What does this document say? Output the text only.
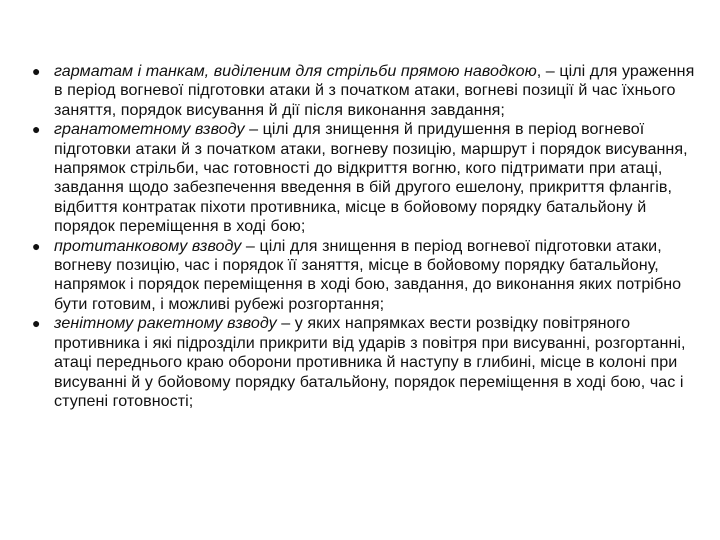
● гарматам і танкам, виділеним для стрільби прямою наводкою, – цілі для ураження в період вогневої підготовки атаки й з початком атаки, вогневі позиції й час їхнього заняття, порядок висування й дії після виконання завдання;

● гранатометному взводу – цілі для знищення й придушення в період вогневої підготовки атаки й з початком атаки, вогневу позицію, маршрут і порядок висування, напрямок стрільби, час готовності до відкриття вогню, кого підтримати при атаці, завдання щодо забезпечення введення в бій другого ешелону, прикриття флангів, відбиття контратак піхоти противника, місце в бойовому порядку батальйону й порядок переміщення в ході бою;

● протитанковому взводу – цілі для знищення в період вогневої підготовки атаки, вогневу позицію, час і порядок її заняття, місце в бойовому порядку батальйону, напрямок і порядок переміщення в ході бою, завдання, до виконання яких потрібно бути готовим, і можливі рубежі розгортання;

● зенітному ракетному взводу – у яких напрямках вести розвідку повітряного противника і які підрозділи прикрити від ударів з повітря при висуванні, розгортанні, атаці переднього краю оборони противника й наступу в глибині, місце в колоні при висуванні й у бойовому порядку батальйону, порядок переміщення в ході бою, час і ступені готовності;
